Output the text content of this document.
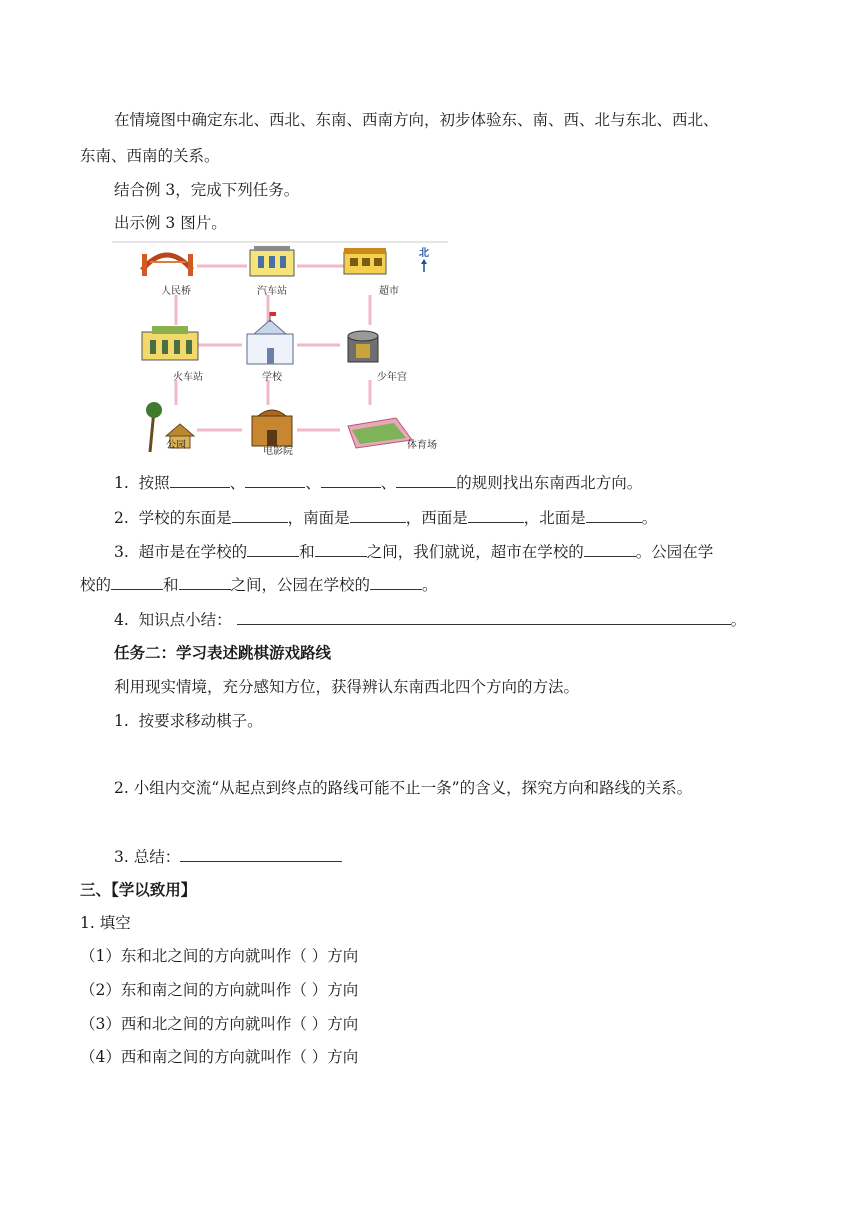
在情境图中确定东北、西北、东南、西南方向，初步体验东、南、西、北与东北、西北、
东南、西南的关系。
结合例 3，完成下列任务。
出示例 3 图片。
人民桥	汽车站	超市
北
火车站	学校	少年宫
公园
电影院
体育场
1. 按照	、	、	、	的规则找出东南西北方向。
2. 学校的东面是	，南面是	，西面是	，北面是	。
3. 超市是在学校的	和	之间，我们就说，超市在学校的	。公园在学
校的	和	之间，公园在学校的	。
4. 知识点小结：	。
任务二：学习表述跳棋游戏路线
利用现实情境，充分感知方位，获得辨认东南西北四个方向的方法。
1. 按要求移动棋子。
2. 小组内交流“从起点到终点的路线可能不止一条”的含义，探究方向和路线的关系。
3. 总结：
三、【学以致用】
1. 填空
（1）东和北之间的方向就叫作（ ）方向
（2）东和南之间的方向就叫作（ ）方向
（3）西和北之间的方向就叫作（ ）方向
（4）西和南之间的方向就叫作（ ）方向
